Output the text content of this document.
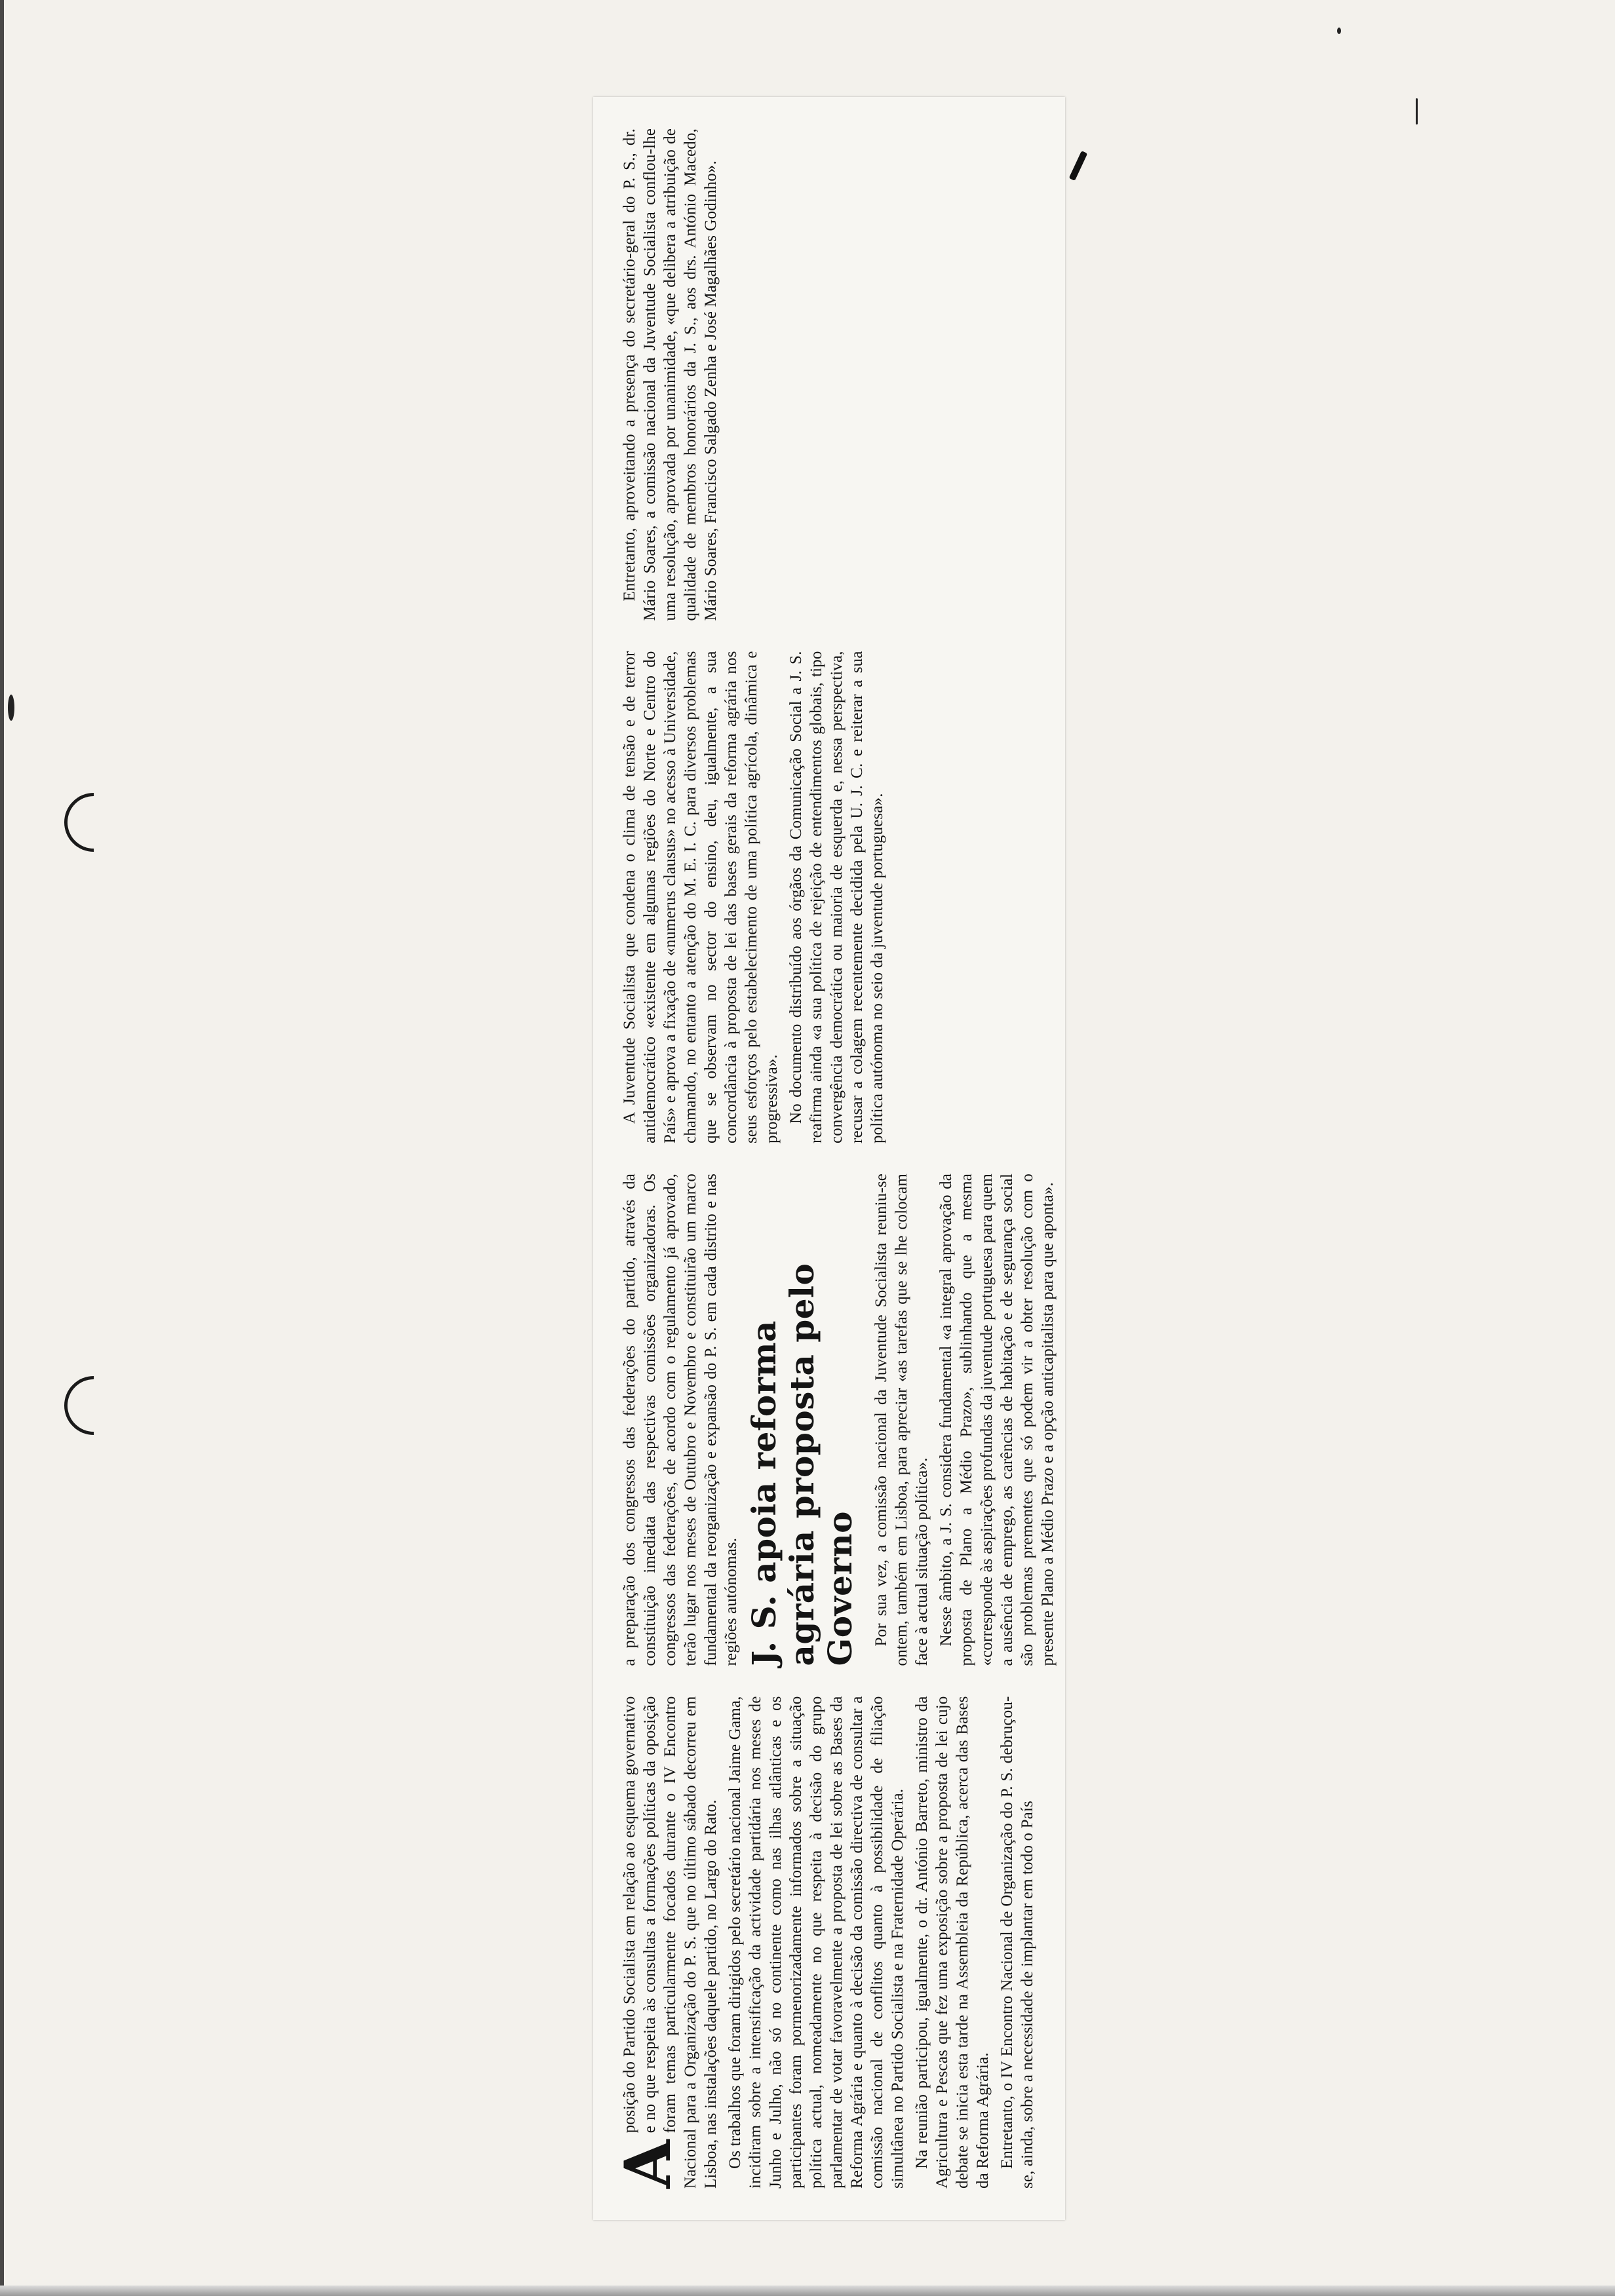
A
posição do Partido Socialista em relação ao esquema governativo e no que respeita às consultas a formações políticas da oposição foram temas particularmente focados durante o IV Encontro Nacional para a Organização do P. S. que no último sábado decorreu em Lisboa, nas instalações daquele partido, no Largo do Rato. Os trabalhos que foram dirigidos pelo secretário nacional Jaime Gama, incidiram sobre a intensificação da actividade partidária nos meses de Junho e Julho, não só no continente como nas ilhas atlânticas e os participantes foram pormenorizadamente informados sobre a situação política actual, nomeadamente no que respeita à decisão do grupo parlamentar de votar favoravelmente a proposta de lei sobre as Bases da Reforma Agrária e quanto à decisão da comissão directiva de consultar a comissão nacional de conflitos quanto à possibilidade de filiação simultânea no Partido Socialista e na Fraternidade Operária. Na reunião participou, igualmente, o dr. António Barreto, ministro da Agricultura e Pescas que fez uma exposição sobre a proposta de lei cujo debate se inicia esta tarde na Assembleia da República, acerca das Bases da Reforma Agrária. Entretanto, o IV Encontro Nacional de Organização do P. S. debruçou-se, ainda, sobre a necessidade de implantar em todo o País

a preparação dos congressos das federações do partido, através da constituição imediata das respectivas comissões organizadoras. Os congressos das federações, de acordo com o regulamento já aprovado, terão lugar nos meses de Outubro e Novembro e constituirão um marco fundamental da reorganização e expansão do P. S. em cada distrito e nas regiões autónomas. J. S. apoia reforma agrária proposta pelo Governo Por sua vez, a comissão nacional da Juventude Socialista reuniu-se ontem, também em Lisboa, para apreciar «as tarefas que se lhe colocam face à actual situação política». Nesse âmbito, a J. S. considera fundamental «a integral aprovação da proposta de Plano a Médio Prazo», sublinhando que a mesma «corresponde às aspirações profundas da juventude portuguesa para quem a ausência de emprego, as carências de habitação e de segurança social são problemas prementes que só podem vir a obter resolução com o presente Plano a Médio Prazo e a opção anticapitalista para que aponta».

A Juventude Socialista que condena o clima de tensão e de terror antidemocrático «existente em algumas regiões do Norte e Centro do País» e aprova a fixação de «numerus clausus» no acesso à Universidade, chamando, no entanto a atenção do M. E. I. C. para diversos problemas que se observam no sector do ensino, deu, igualmente, a sua concordância à proposta de lei das bases gerais da reforma agrária nos seus esforços pelo estabelecimento de uma política agrícola, dinâmica e progressiva». No documento distribuído aos órgãos da Comunicação Social a J. S. reafirma ainda «a sua política de rejeição de entendimentos globais, tipo convergência democrática ou maioria de esquerda e, nessa perspectiva, recusar a colagem recentemente decidida pela U. J. C. e reiterar a sua política autónoma no seio da juventude portuguesa».

Entretanto, aproveitando a presença do secretário-geral do P. S., dr. Mário Soares, a comissão nacional da Juventude Socialista conflou-lhe uma resolução, aprovada por unanimidade, «que delibera a atribuição de qualidade de membros honorários da J. S., aos drs. António Macedo, Mário Soares, Francisco Salgado Zenha e José Magalhães Godinho».
